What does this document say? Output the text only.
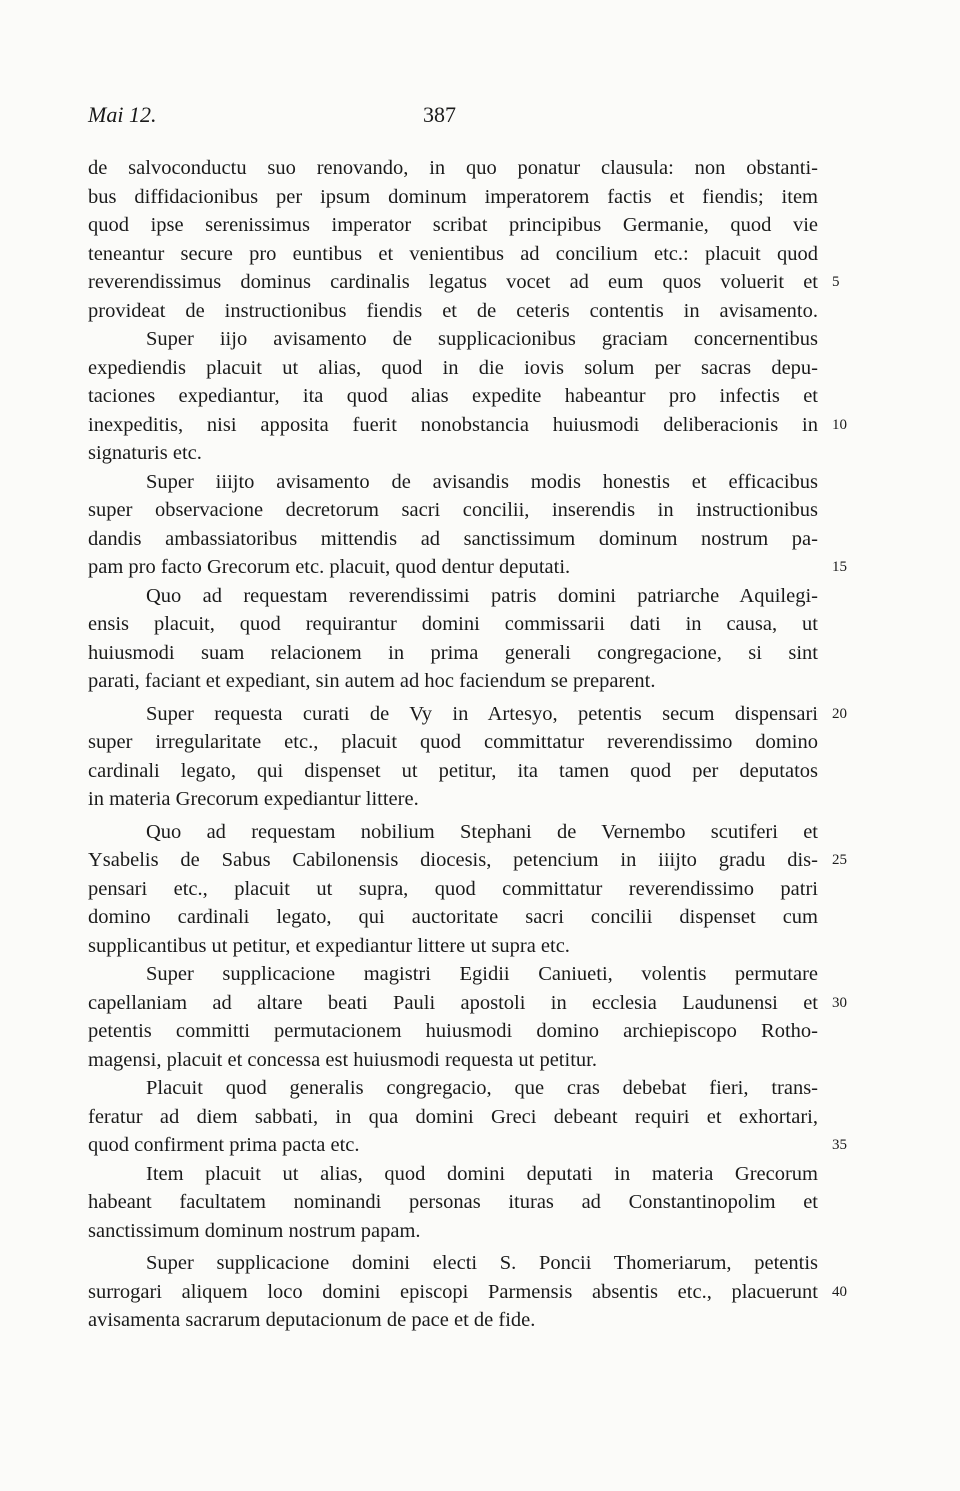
Mai 12.	387
de salvoconductu suo renovando, in quo ponatur clausula: non obstanti-
bus diffidacionibus per ipsum dominum imperatorem factis et fiendis; item
quod ipse serenissimus imperator scribat principibus Germanie, quod vie
teneantur secure pro euntibus et venientibus ad concilium etc.: placuit quod
reverendissimus dominus cardinalis legatus vocet ad eum quos voluerit et 5
provideat de instructionibus fiendis et de ceteris contentis in avisamento.
Super iijo avisamento de supplicacionibus graciam concernentibus
expediendis placuit ut alias, quod in die iovis solum per sacras depu-
taciones expediantur, ita quod alias expedite habeantur pro infectis et
inexpeditis, nisi apposita fuerit nonobstancia huiusmodi deliberacionis in 10
signaturis etc.
Super iiijto avisamento de avisandis modis honestis et efficacibus
super observacione decretorum sacri concilii, inserendis in instructionibus
dandis ambassiatoribus mittendis ad sanctissimum dominum nostrum pa-
pam pro facto Grecorum etc. placuit, quod dentur deputati.	15
Quo ad requestam reverendissimi patris domini patriarche Aquilegi-
ensis placuit, quod requirantur domini commissarii dati in causa, ut
huiusmodi suam relacionem in prima generali congregacione, si sint
parati, faciant et expediant, sin autem ad hoc faciendum se preparent.
Super requesta curati de Vy in Artesyo, petentis secum dispensari 20
super irregularitate etc., placuit quod committatur reverendissimo domino
cardinali legato, qui dispenset ut petitur, ita tamen quod per deputatos
in materia Grecorum expediantur littere.
Quo ad requestam nobilium Stephani de Vernembo scutiferi et
Ysabelis de Sabus Cabilonensis diocesis, petencium in iiijto gradu dis- 25
pensari etc., placuit ut supra, quod committatur reverendissimo patri
domino cardinali legato, qui auctoritate sacri concilii dispenset cum
supplicantibus ut petitur, et expediantur littere ut supra etc.
Super supplicacione magistri Egidii Caniueti, volentis permutare
capellaniam ad altare beati Pauli apostoli in ecclesia Laudunensi et 30
petentis committi permutacionem huiusmodi domino archiepiscopo Rotho-
magensi, placuit et concessa est huiusmodi requesta ut petitur.
Placuit quod generalis congregacio, que cras debebat fieri, trans-
feratur ad diem sabbati, in qua domini Greci debeant requiri et exhortari,
quod confirment prima pacta etc.	35
Item placuit ut alias, quod domini deputati in materia Grecorum
habeant facultatem nominandi personas ituras ad Constantinopolim et
sanctissimum dominum nostrum papam.
Super supplicacione domini electi S. Poncii Thomeriarum, petentis
surrogari aliquem loco domini episcopi Parmensis absentis etc., placuerunt 40
avisamenta sacrarum deputacionum de pace et de fide.
